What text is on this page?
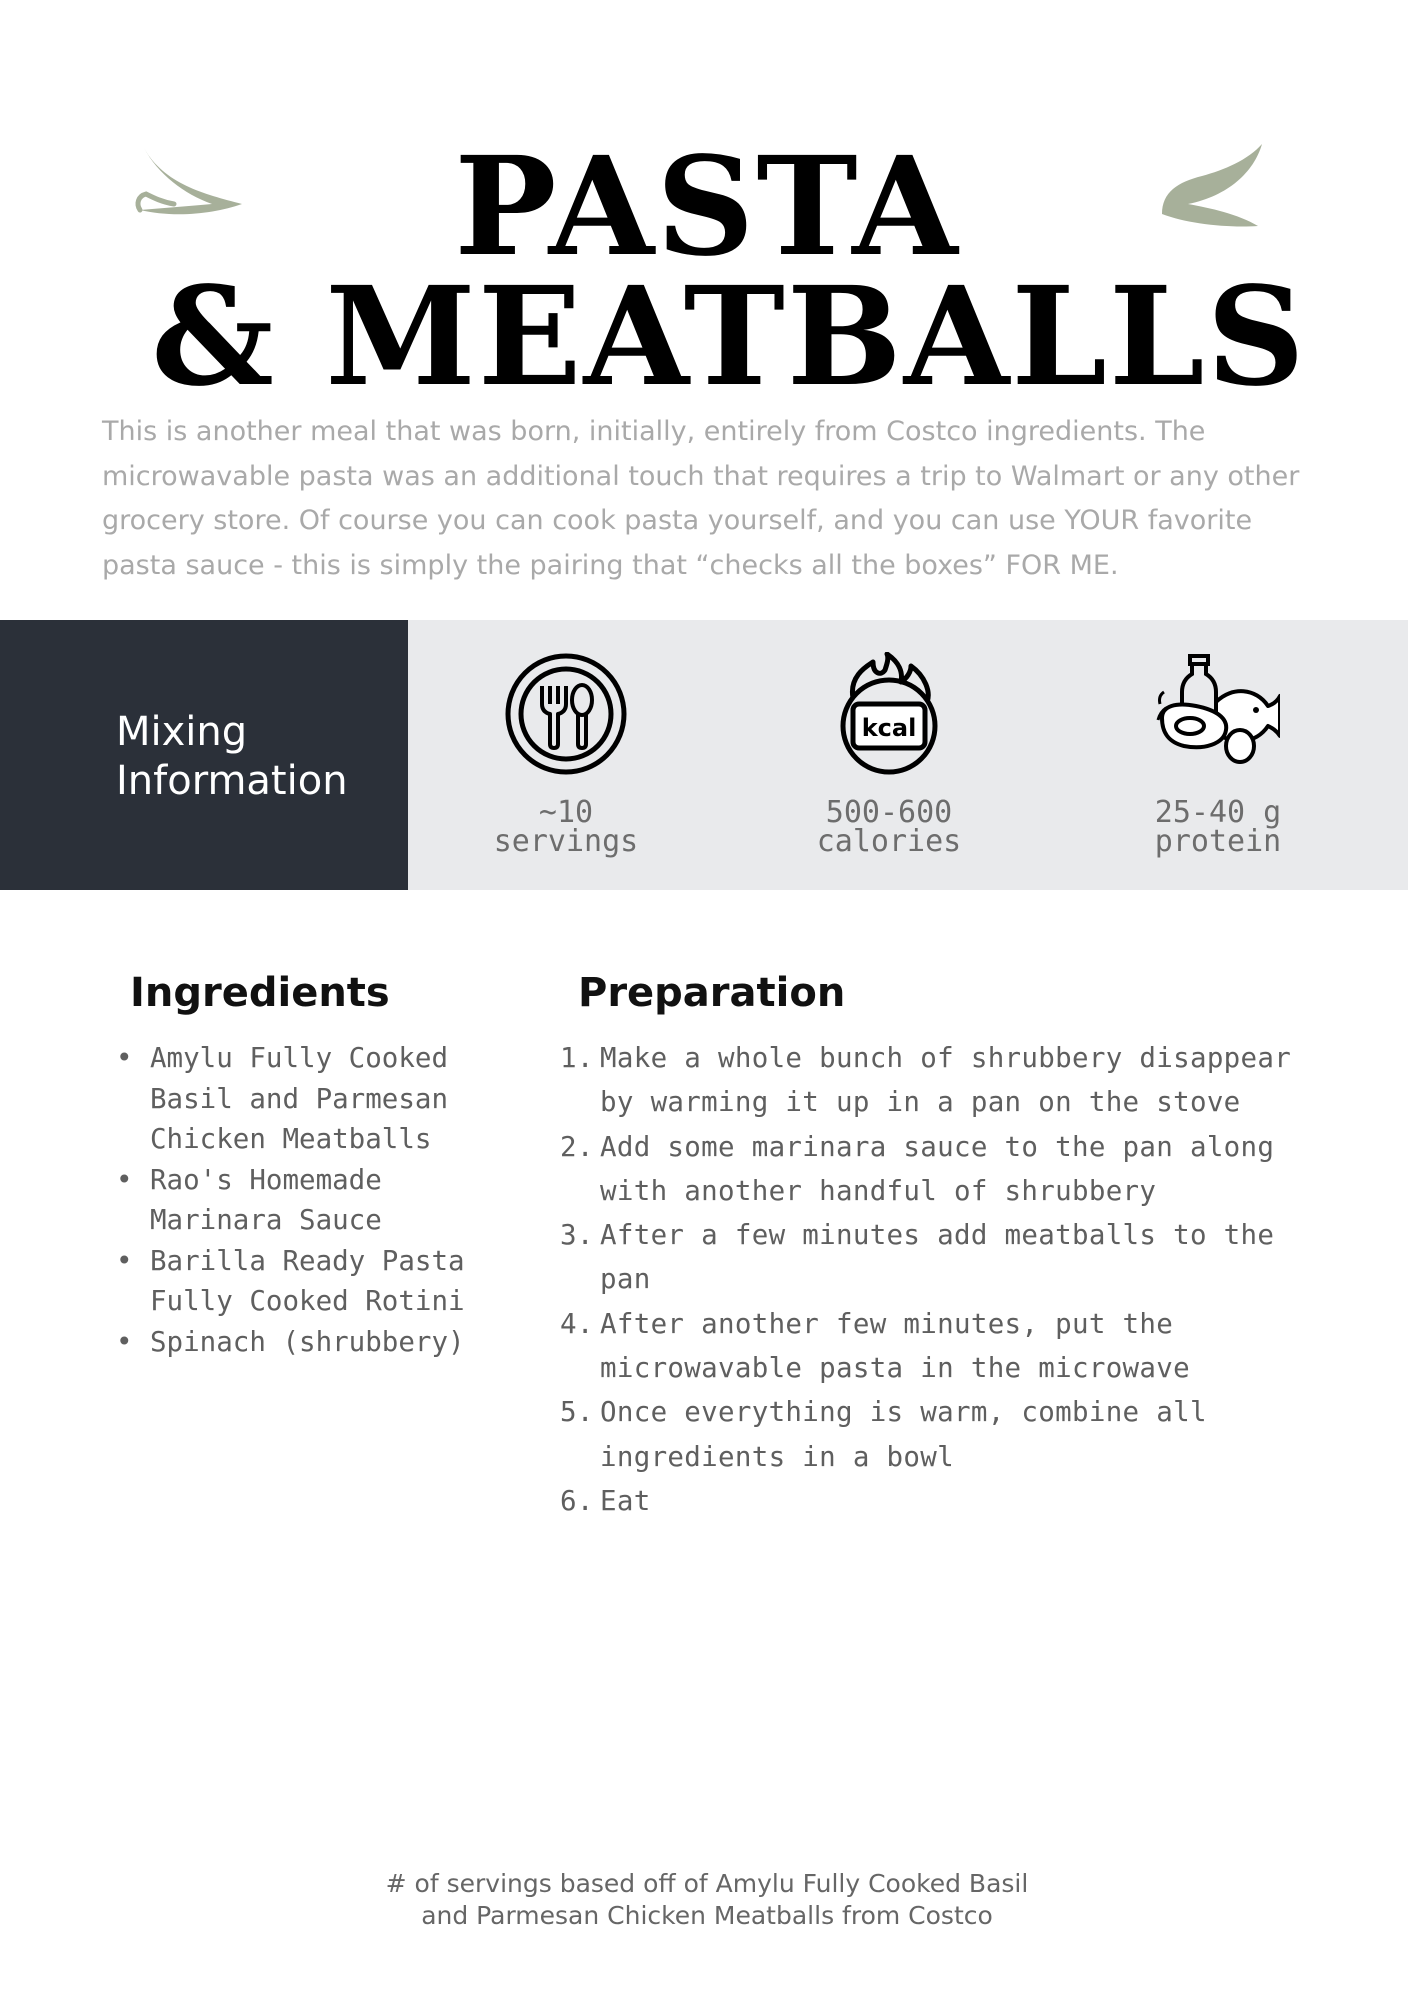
PASTA
& MEATBALLS

This is another meal that was born, initially, entirely from Costco ingredients. The microwavable pasta was an additional touch that requires a trip to Walmart or any other grocery store. Of course you can cook pasta yourself, and you can use YOUR favorite pasta sauce - this is simply the pairing that “checks all the boxes” FOR ME.

Mixing
Information

~10
servings
kcal
500-600
calories
25-40 g
protein
Ingredients	Preparation
• Amylu Fully Cooked Basil and Parmesan Chicken Meatballs
• Rao's Homemade Marinara Sauce
• Barilla Ready Pasta Fully Cooked Rotini
• Spinach (shrubbery)
1. Make a whole bunch of shrubbery disappear by warming it up in a pan on the stove
2. Add some marinara sauce to the pan along with another handful of shrubbery
3. After a few minutes add meatballs to the pan
4. After another few minutes, put the microwavable pasta in the microwave
5. Once everything is warm, combine all ingredients in a bowl
6. Eat

# of servings based off of Amylu Fully Cooked Basil
and Parmesan Chicken Meatballs from Costco
